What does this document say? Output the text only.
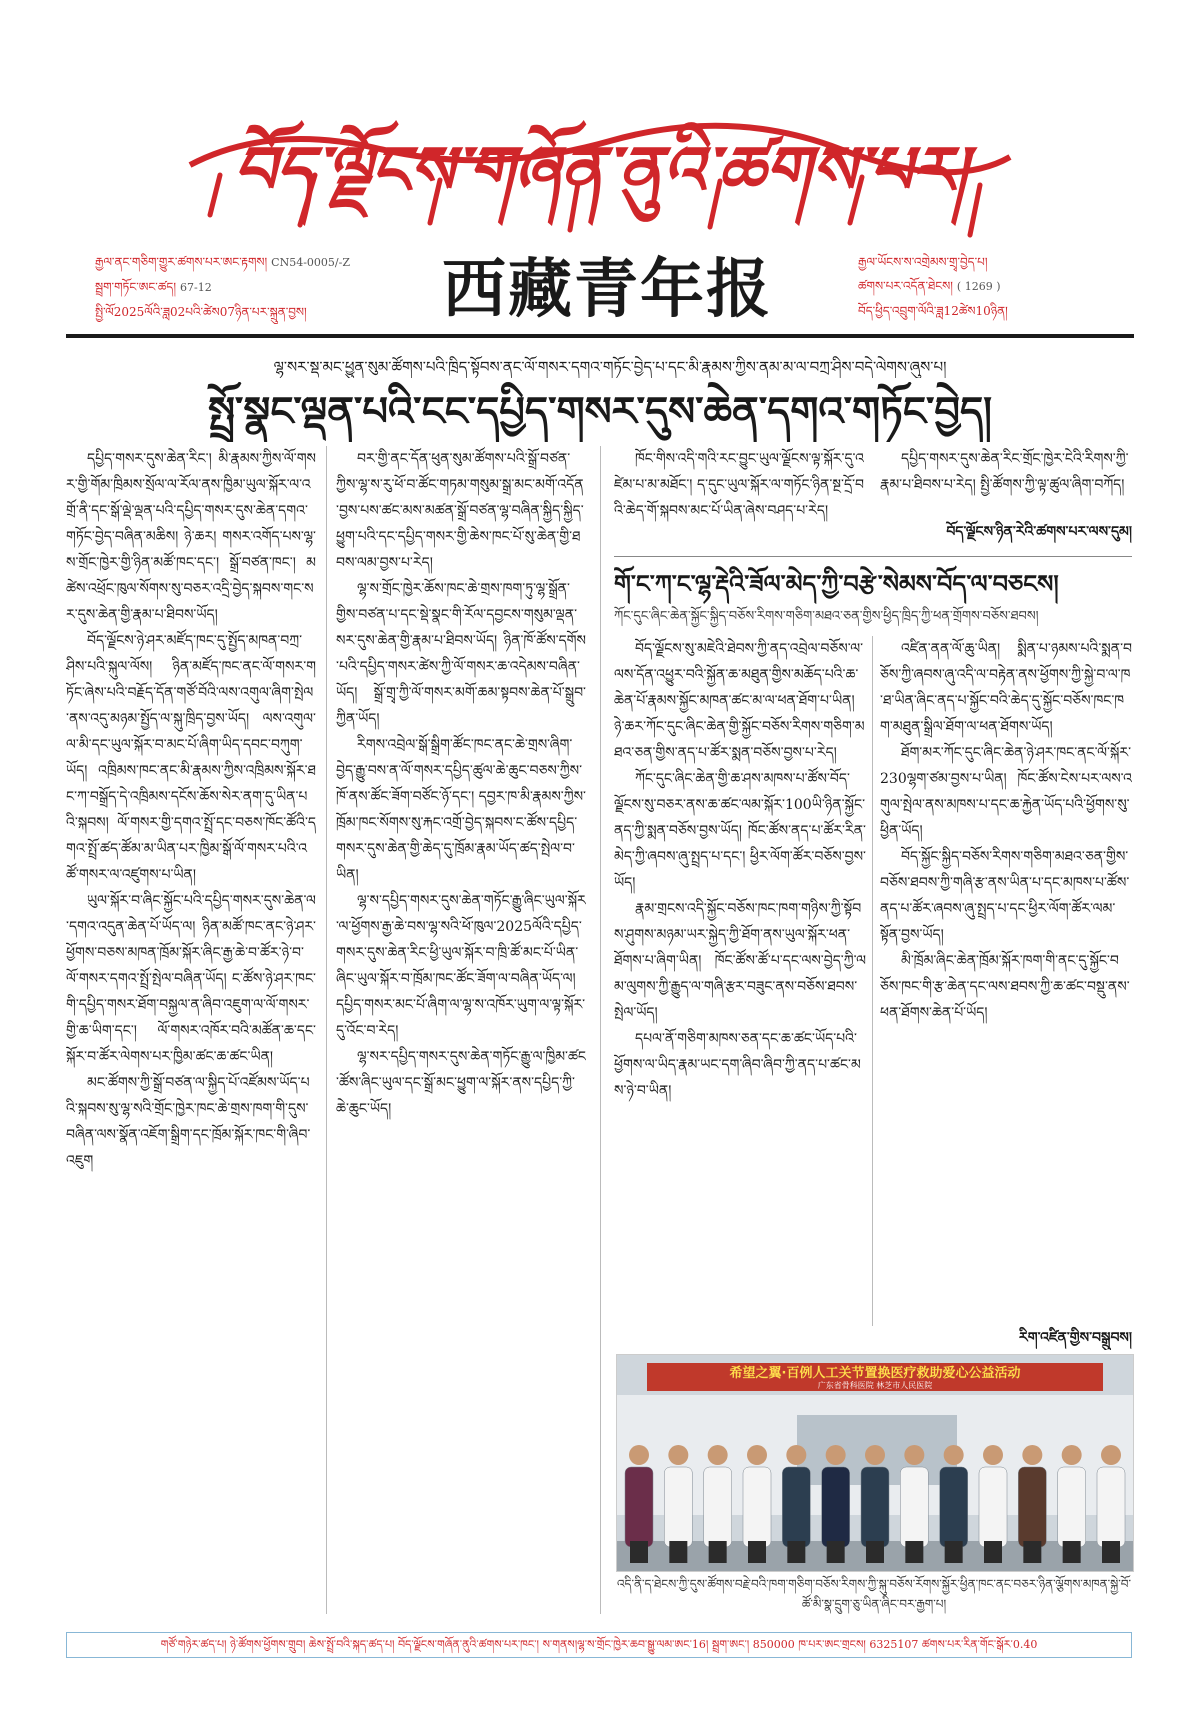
བོད་ལྗོངས་གཞོན་ནུའི་ཚགས་པར།
རྒྱལ་ནང་གཅིག་གྱུར་ཚགས་པར་ཨང་རྟགས། CN54-0005/-Z
སྦྲག་གཏོང་ཨང་ཚད། 67-12
སྤྱི་ལོ2025ལོའི་ཟླ02པའི་ཚེས07ཉིན་པར་སྐྲུན་བྱས།	西藏青年报	རྒྱལ་ཡོངས་ས་འགྲེམས་གྲྭ་བྱེད་པ།
ཚགས་པར་འདོན་ཐེངས། ( 1269 )
བོད་ཕྱིད་འབྲུག་ལོའི་ཟླ12ཚེས10ཉིན།
ལྷ་སར་སྡ་མང་ཕྱུན་སུམ་ཚོགས་པའི་ཁྲིད་སྟོབས་ནང་ལོ་གསར་དགའ་གཏོང་བྱེད་པ་དང་མི་རྣམས་ཀྱིས་ནམ་མ་ལ་བཀྲ་ཤིས་བདེ་ལེགས་ཞུས་པ།
སྤྲོ་སྣང་ལྡན་པའི་ངང་དཔྱིད་གསར་དུས་ཆེན་དགའ་གཏོང་བྱེད།

དཔྱིད་གསར་དུས་ཆེན་རིང་། མི་རྣམས་ཀྱིས་ལོ་གསར་གྱི་གོམ་ཁྲིམས་སྲོལ་ལ་རོལ་ནས་ཁྱིམ་ཡུལ་སྐོར་ལ་འགྲོ་ནི་དང་སྒོ་ལྡེ་ལྡན་པའི་དཔྱིད་གསར་དུས་ཆེན་དགའ་གཏོང་བྱེད་བཞིན་མཆིས། ཉེ་ཆར། གསར་འགོད་པས་ལྷ་ས་གྲོང་ཁྱེར་གྱི་ཉིན་མཚོ་ཁང་དང་། སྒྲོ་བཙན་ཁང་། མཚེས་འཕྲོང་ཁུལ་སོགས་སུ་བཅར་འདྲི་བྱེད་སྐབས་གང་སར་དུས་ཆེན་གྱི་རྣམ་པ་ཐིབས་ཡོད།

བོད་ལྗོངས་ཉེ་ཤར་མཛོད་ཁང་དུ་སྤྱོད་མཁན་བཀྲ་ཤིས་པའི་སྐུལ་ལོས། ཉིན་མཛོད་ཁང་ནང་ལོ་གསར་གཏོང་ཞེས་པའི་བརྗོད་དོན་གཙོ་བོའི་ལས་འགུལ་ཞིག་སྤེལ་ནས་འདུ་མཉམ་སྤྱོད་ལ་སྐུ་ཁྲིད་བྱས་ཡོད། ལས་འགུལ་ལ་མི་དང་ཡུལ་སྐོར་བ་མང་པོ་ཞིག་ཡིད་དབང་བཀུག་ཡོད། འཁྲིམས་ཁང་ནང་མི་རྣམས་ཀྱིས་འཁྲིམས་སྐོར་ཐང་ཀ་བསྒྲོད་དེ་འཁྲིམས་དངོས་ཆོས་སེར་ནག་དུ་ཡིན་པའི་སྐབས། ལོ་གསར་གྱི་དགའ་སྤྲོ་དང་བཅས་ཁོང་ཚོའི་དགའ་སྤྲོ་ཚད་ཚོམ་མ་ཡིན་པར་ཁྱིམ་སྒོ་ལོ་གསར་པའི་འཚོ་གསར་ལ་འཛུགས་པ་ཡིན།

ཡུལ་སྐོར་བ་ཞིང་སྐྱོང་པའི་དཔྱིད་གསར་དུས་ཆེན་ལ་དགའ་འདུན་ཆེན་པོ་ཡོད་ལ། ཉིན་མཚོ་ཁང་ནང་ཉེ་ཤར་ཕྱོགས་བཅས་མཁན་ཁྲོམ་སྐོར་ཞིང་རྒྱ་ཆེ་བ་ཚོར་ཉེ་བ་ལོ་གསར་དགའ་སྤྲོ་སྤེལ་བཞིན་ཡོད། ང་ཚོས་ཉེ་ཤར་ཁང་གི་དཔྱིད་གསར་ཐོག་བསྐྱལ་ན་ཞིབ་འཇུག་ལ་ལོ་གསར་གྱི་ཆ་ཡིག་དང་། ལོ་གསར་འཁོར་བའི་མཚོན་ཆ་དང་སྐོར་བ་ཚོར་ལེགས་པར་ཁྱིམ་ཚང་ཆ་ཚང་ཡིན།

མང་ཚོགས་ཀྱི་སྒྲོ་བཙན་ལ་སྐྱིད་པོ་འཛོམས་ཡོད་པའི་སྐབས་སུ་ལྷ་སའི་གྲོང་ཁྱེར་ཁང་ཆེ་གྲས་ཁག་གི་དུས་བཞིན་ལས་སྣོན་འཇོག་སྒྲིག་དང་ཁྲོམ་སྐོར་ཁང་གི་ཞིབ་འཇུག

བར་གྱི་ནང་དོན་ཕུན་སུམ་ཚོགས་པའི་སྒྲོ་བཙན་ཀྱིས་ལྷ་ས་རུ་ཕོ་བ་ཚོང་གཏམ་གསུམ་སྒྲ་མང་མགོ་འདོན་བྱས་པས་ཚང་མས་མཚན་སྒྲོ་བཙན་ལྷ་བཞིན་སྐྱིད་སྐྱིད་ཕྱུག་པའི་དང་དཔྱིད་གསར་གྱི་ཆེས་ཁང་པོ་སུ་ཆེན་གྱི་ཐབས་ལམ་བྱས་པ་རེད།

ལྷ་ས་གྲོང་ཁྱེར་ཆོས་ཁང་ཆེ་གྲས་ཁག་ཏུ་ལྷ་སྒྲོན་གྱིས་བཙན་པ་དང་སྡེ་སྣང་གི་རོལ་དབྱངས་གསུམ་ལྡན་སར་དུས་ཆེན་གྱི་རྣམ་པ་ཐིབས་ཡོད། ཉིན་ཁོ་ཚོས་དགོས་པའི་དཔྱིད་གསར་ཚེས་ཀྱི་ལོ་གསར་ཆ་འདེམས་བཞིན་ཡོད། སྒྲོ་གྲྭ་ཀྱི་ལོ་གསར་མགོ་ཆམ་སྟབས་ཆེན་པོ་སྒྲུབ་ཀྱིན་ཡོད།

རིགས་འབྲེལ་སྒོ་སྒྲིག་ཚོང་ཁང་ནང་ཆེ་གྲས་ཞིག་བྱེད་རྒྱུ་བས་ན་ལོ་གསར་དཔྱིད་ཚུལ་ཆེ་ཆུང་བཅས་ཀྱིས་ཁོ་ནས་ཚོང་ཟོག་བཙོང་ཉོ་དང་། དབྱར་ཁ་མི་རྣམས་ཀྱིས་ཁྲོམ་ཁང་སོགས་སུ་རྐང་འགྲོ་བྱེད་སྐབས་ང་ཚོས་དཔྱིད་གསར་དུས་ཆེན་གྱི་ཆེད་དུ་ཁྲོམ་རྣམ་ཡོད་ཚད་སྤེལ་བ་ཡིན།

ལྷ་ས་དཔྱིད་གསར་དུས་ཆེན་གཏོང་རྒྱུ་ཞིང་ཡུལ་སྐོར་ལ་ཕྱོགས་རྒྱ་ཆེ་བས་ལྷ་སའི་ཕོ་ཁུལ་2025ལོའི་དཔྱིད་གསར་དུས་ཆེན་རིང་ཕྱི་ཡུལ་སྐོར་བ་ཁྲི་ཚོ་མང་པོ་ཡིན་ཞིང་ཡུལ་སྐོར་བ་ཁྲོམ་ཁང་ཚོང་ཟོག་ལ་བཞིན་ཡོད་ལ། དཔྱིད་གསར་མང་པོ་ཞིག་ལ་ལྷ་ས་འཁོར་ཡུག་ལ་ལྟ་སྐོར་དུ་འོང་བ་རེད།

ལྷ་སར་དཔྱིད་གསར་དུས་ཆེན་གཏོང་རྒྱུ་ལ་ཁྱིམ་ཚང་ཚོས་ཞིང་ཡུལ་དང་སྒྲོ་མང་ཕྱུག་ལ་སྐོར་ནས་དཔྱིད་ཀྱི་ཆེ་ཆུང་ཡོད།

ཁོང་གིས་འདི་གའི་རང་བྱུང་ཡུལ་ལྗོངས་ལྟ་སྐོར་དུ་འཛེམ་པ་མ་མཐོང་། ད་དུང་ཡུལ་སྐོར་ལ་གཏོང་ཉིན་སྔ་དྲོ་བའི་ཆེད་གོ་སྐབས་མང་པོ་ཡིན་ཞེས་བཤད་པ་རེད།

དཔྱིད་གསར་དུས་ཆེན་རིང་གྲོང་ཁྱེར་ངེའི་རིགས་ཀྱི་རྣམ་པ་ཐིབས་པ་རེད། སྤྱི་ཚོགས་ཀྱི་ལྟ་ཚུལ་ཞིག་བཀོད།

བོད་ལྗོངས་ཉིན་རེའི་ཚགས་པར་ལས་དུམ།
གོ་ང་ཀ་ང་ལྷ་རྡེའི་ཟོལ་མེད་ཀྱི་བརྩེ་སེམས་བོད་ལ་བཅངས།
ཀོང་དུང་ཞིང་ཆེན་སྐྱོང་སྐྱིད་བཅོས་རིགས་གཅིག་མཐའ་ཅན་གྱིས་ཕྱིད་ཁྲིད་ཀྱི་ཕན་གྲོགས་བཅོས་ཐབས།

བོད་ལྗོངས་སུ་མཇེའི་ཐེབས་ཀྱི་ནད་འབྲེལ་བཅོས་ལ་ལས་དོན་འཕྱུར་བའི་སྐྱོན་ཆ་མཐུན་གྱིས་མཆོད་པའི་ཆ་ཆེན་པོ་རྣམས་སྐྱོང་མཁན་ཚང་མ་ལ་ཕན་ཐོག་པ་ཡིན། ཉེ་ཆར་ཀོང་དུང་ཞིང་ཆེན་གྱི་སྐྱོང་བཅོས་རིགས་གཅིག་མཐའ་ཅན་གྱིས་ནད་པ་ཚོར་སྨན་བཅོས་བྱས་པ་རེད།

ཀོང་དུང་ཞིང་ཆེན་གྱི་ཆ་ཤས་མཁས་པ་ཚོས་བོད་ལྗོངས་སུ་བཅར་ནས་ཆ་ཚང་ལམ་སྐོར་100ཡི་ཉིན་སྐྱོང་ནད་ཀྱི་སྨན་བཅོས་བྱས་ཡོད། ཁོང་ཚོས་ནད་པ་ཚོར་རིན་མེད་ཀྱི་ཞབས་ཞུ་སྤྲད་པ་དང་། ཕྱིར་ལོག་ཚོར་བཅོས་བྱས་ཡོད།

རྣམ་གྲངས་འདི་སྐྱོང་བཅོས་ཁང་ཁག་གཉིས་ཀྱི་སྟོབས་ཤུགས་མཉམ་ཡར་སྐྱེད་ཀྱི་ཐོག་ནས་ཡུལ་སྐོར་ཕན་ཐོགས་པ་ཞིག་ཡིན། ཁོང་ཚོས་ཚོ་པ་དང་ལས་བྱེད་ཀྱི་ལམ་ལུགས་ཀྱི་རྒྱུད་ལ་གཞི་རྩར་བཟུང་ནས་བཅོས་ཐབས་སྤེལ་ཡོད།

དཔལ་ནོ་གཅིག་མཁས་ཅན་དང་ཆ་ཚང་ཡོད་པའི་ཕྱོགས་ལ་ཡིད་རྣམ་ཡང་དག་ཞིབ་ཞིབ་ཀྱི་ནད་པ་ཚང་མས་ཉེ་བ་ཡིན།

འཛིན་ནན་ལོ་ཆུ་ཡིན། སྨིན་པ་ཉམས་པའི་སྨན་བཅོས་ཀྱི་ཞབས་ཞུ་འདི་ལ་བརྟེན་ནས་ཕྱོགས་ཀྱི་སྐྱེ་བ་ལ་ཁ་ཐ་ཡིན་ཞིང་ནད་པ་སྐྱོང་བའི་ཆེད་དུ་སྐྱོང་བཅོས་ཁང་ཁག་མཐུན་སྒྲིལ་ཐོག་ལ་ཕན་ཐོགས་ཡོད།

ཐོག་མར་ཀོང་དུང་ཞིང་ཆེན་ཉེ་ཤར་ཁང་ནང་ལོ་སྐོར་230ལྷག་ཙམ་བྱས་པ་ཡིན། ཁོང་ཚོས་ངེས་པར་ལས་འགུལ་སྤེལ་ནས་མཁས་པ་དང་ཆ་རྐྱེན་ཡོད་པའི་ཕྱོགས་སུ་ཕྱིན་ཡོད།

བོད་སྐྱོང་སྐྱིད་བཅོས་རིགས་གཅིག་མཐའ་ཅན་གྱིས་བཅོས་ཐབས་ཀྱི་གཞི་རྩ་ནས་ཡིན་པ་དང་མཁས་པ་ཚོས་ནད་པ་ཚོར་ཞབས་ཞུ་སྤྲད་པ་དང་ཕྱིར་ལོག་ཚོར་ལམ་སྟོན་བྱས་ཡོད།

མི་ཁྲོམ་ཞིང་ཆེན་ཁྲོམ་སྐོར་ཁག་གི་ནང་དུ་སྐྱོང་བཅོས་ཁང་གི་རྩ་ཆེན་དང་ལས་ཐབས་ཀྱི་ཆ་ཚང་བསྡུ་ནས་ཕན་ཐོགས་ཆེན་པོ་ཡོད།

རིག་འཛིན་གྱིས་བསྒྲུབས།
希望之翼·百例人工关节置换医疗救助爱心公益活动
广东省骨科医院 林芝市人民医院
འདི་ནི་ད་ཐེངས་ཀྱི་དུས་ཚོགས་བརྗེ་བའི་ཁག་གཅིག་བཅོས་རིགས་ཀྱི་སྐུ་བཅོས་རོགས་སྐྱོར་ཕྱིན་ཁང་ནང་བཅར་ཉིན་ལྕོགས་མཁན་སྐྱེ་བོ་ཚོ་མི་སྣ་དྲུག་ཅུ་ཡིན་ཞིང་བར་རྒྱག་པ།
གཙོ་གཉེར་ཚད་པ། ཉེ་ཚོགས་ཕྱོགས་གྲུབ། ཆེས་སྤྲོ་བའི་སྐད་ཚད་པ། བོད་ལྗོངས་གཞོན་ནུའི་ཚགས་པར་ཁང་། ས་གནས།ལྷ་ས་གྲོང་ཁྱེར་ཆབ་སྒྱུ་ལམ་ཨང་16། སྦྲག་ཨང་། 850000 ཁ་པར་ཨང་གྲངས། 6325107 ཚགས་པར་རིན་གོང་སྒོར་0.40
